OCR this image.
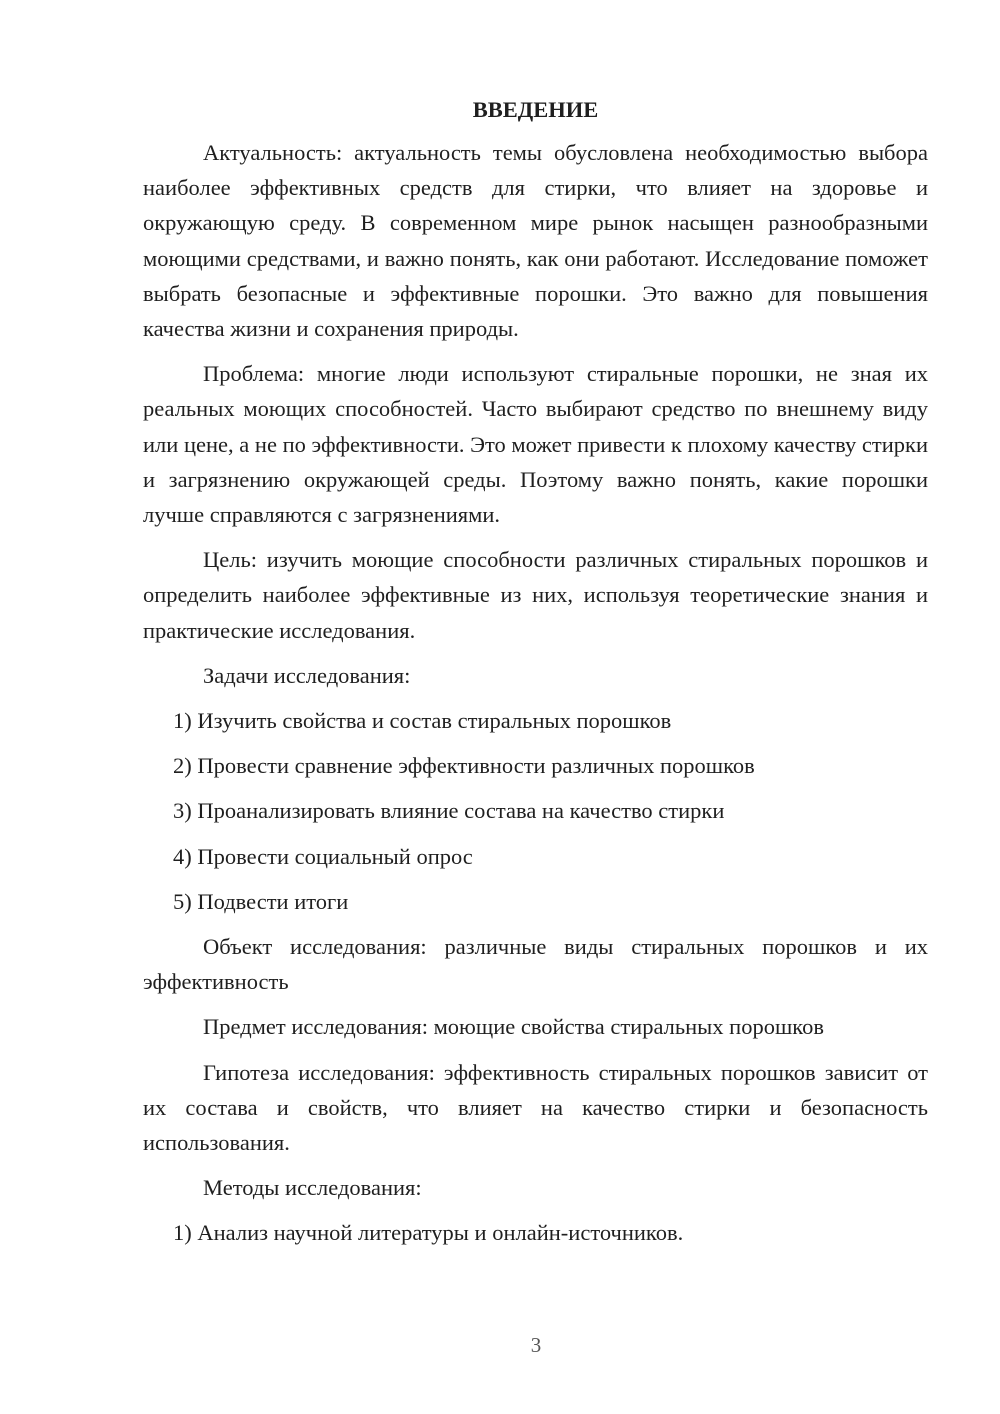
ВВЕДЕНИЕ

Актуальность: актуальность темы обусловлена необходимостью выбора наиболее эффективных средств для стирки, что влияет на здоровье и окружающую среду. В современном мире рынок насыщен разнообразными моющими средствами, и важно понять, как они работают. Исследование поможет выбрать безопасные и эффективные порошки. Это важно для повышения качества жизни и сохранения природы.

Проблема: многие люди используют стиральные порошки, не зная их реальных моющих способностей. Часто выбирают средство по внешнему виду или цене, а не по эффективности. Это может привести к плохому качеству стирки и загрязнению окружающей среды. Поэтому важно понять, какие порошки лучше справляются с загрязнениями.

Цель: изучить моющие способности различных стиральных порошков и определить наиболее эффективные из них, используя теоретические знания и практические исследования.

Задачи исследования:

1) Изучить свойства и состав стиральных порошков
2) Провести сравнение эффективности различных порошков
3) Проанализировать влияние состава на качество стирки
4) Провести социальный опрос
5) Подвести итоги

Объект исследования: различные виды стиральных порошков и их эффективность

Предмет исследования: моющие свойства стиральных порошков

Гипотеза исследования: эффективность стиральных порошков зависит от их состава и свойств, что влияет на качество стирки и безопасность использования.

Методы исследования:

1) Анализ научной литературы и онлайн-источников.
3
